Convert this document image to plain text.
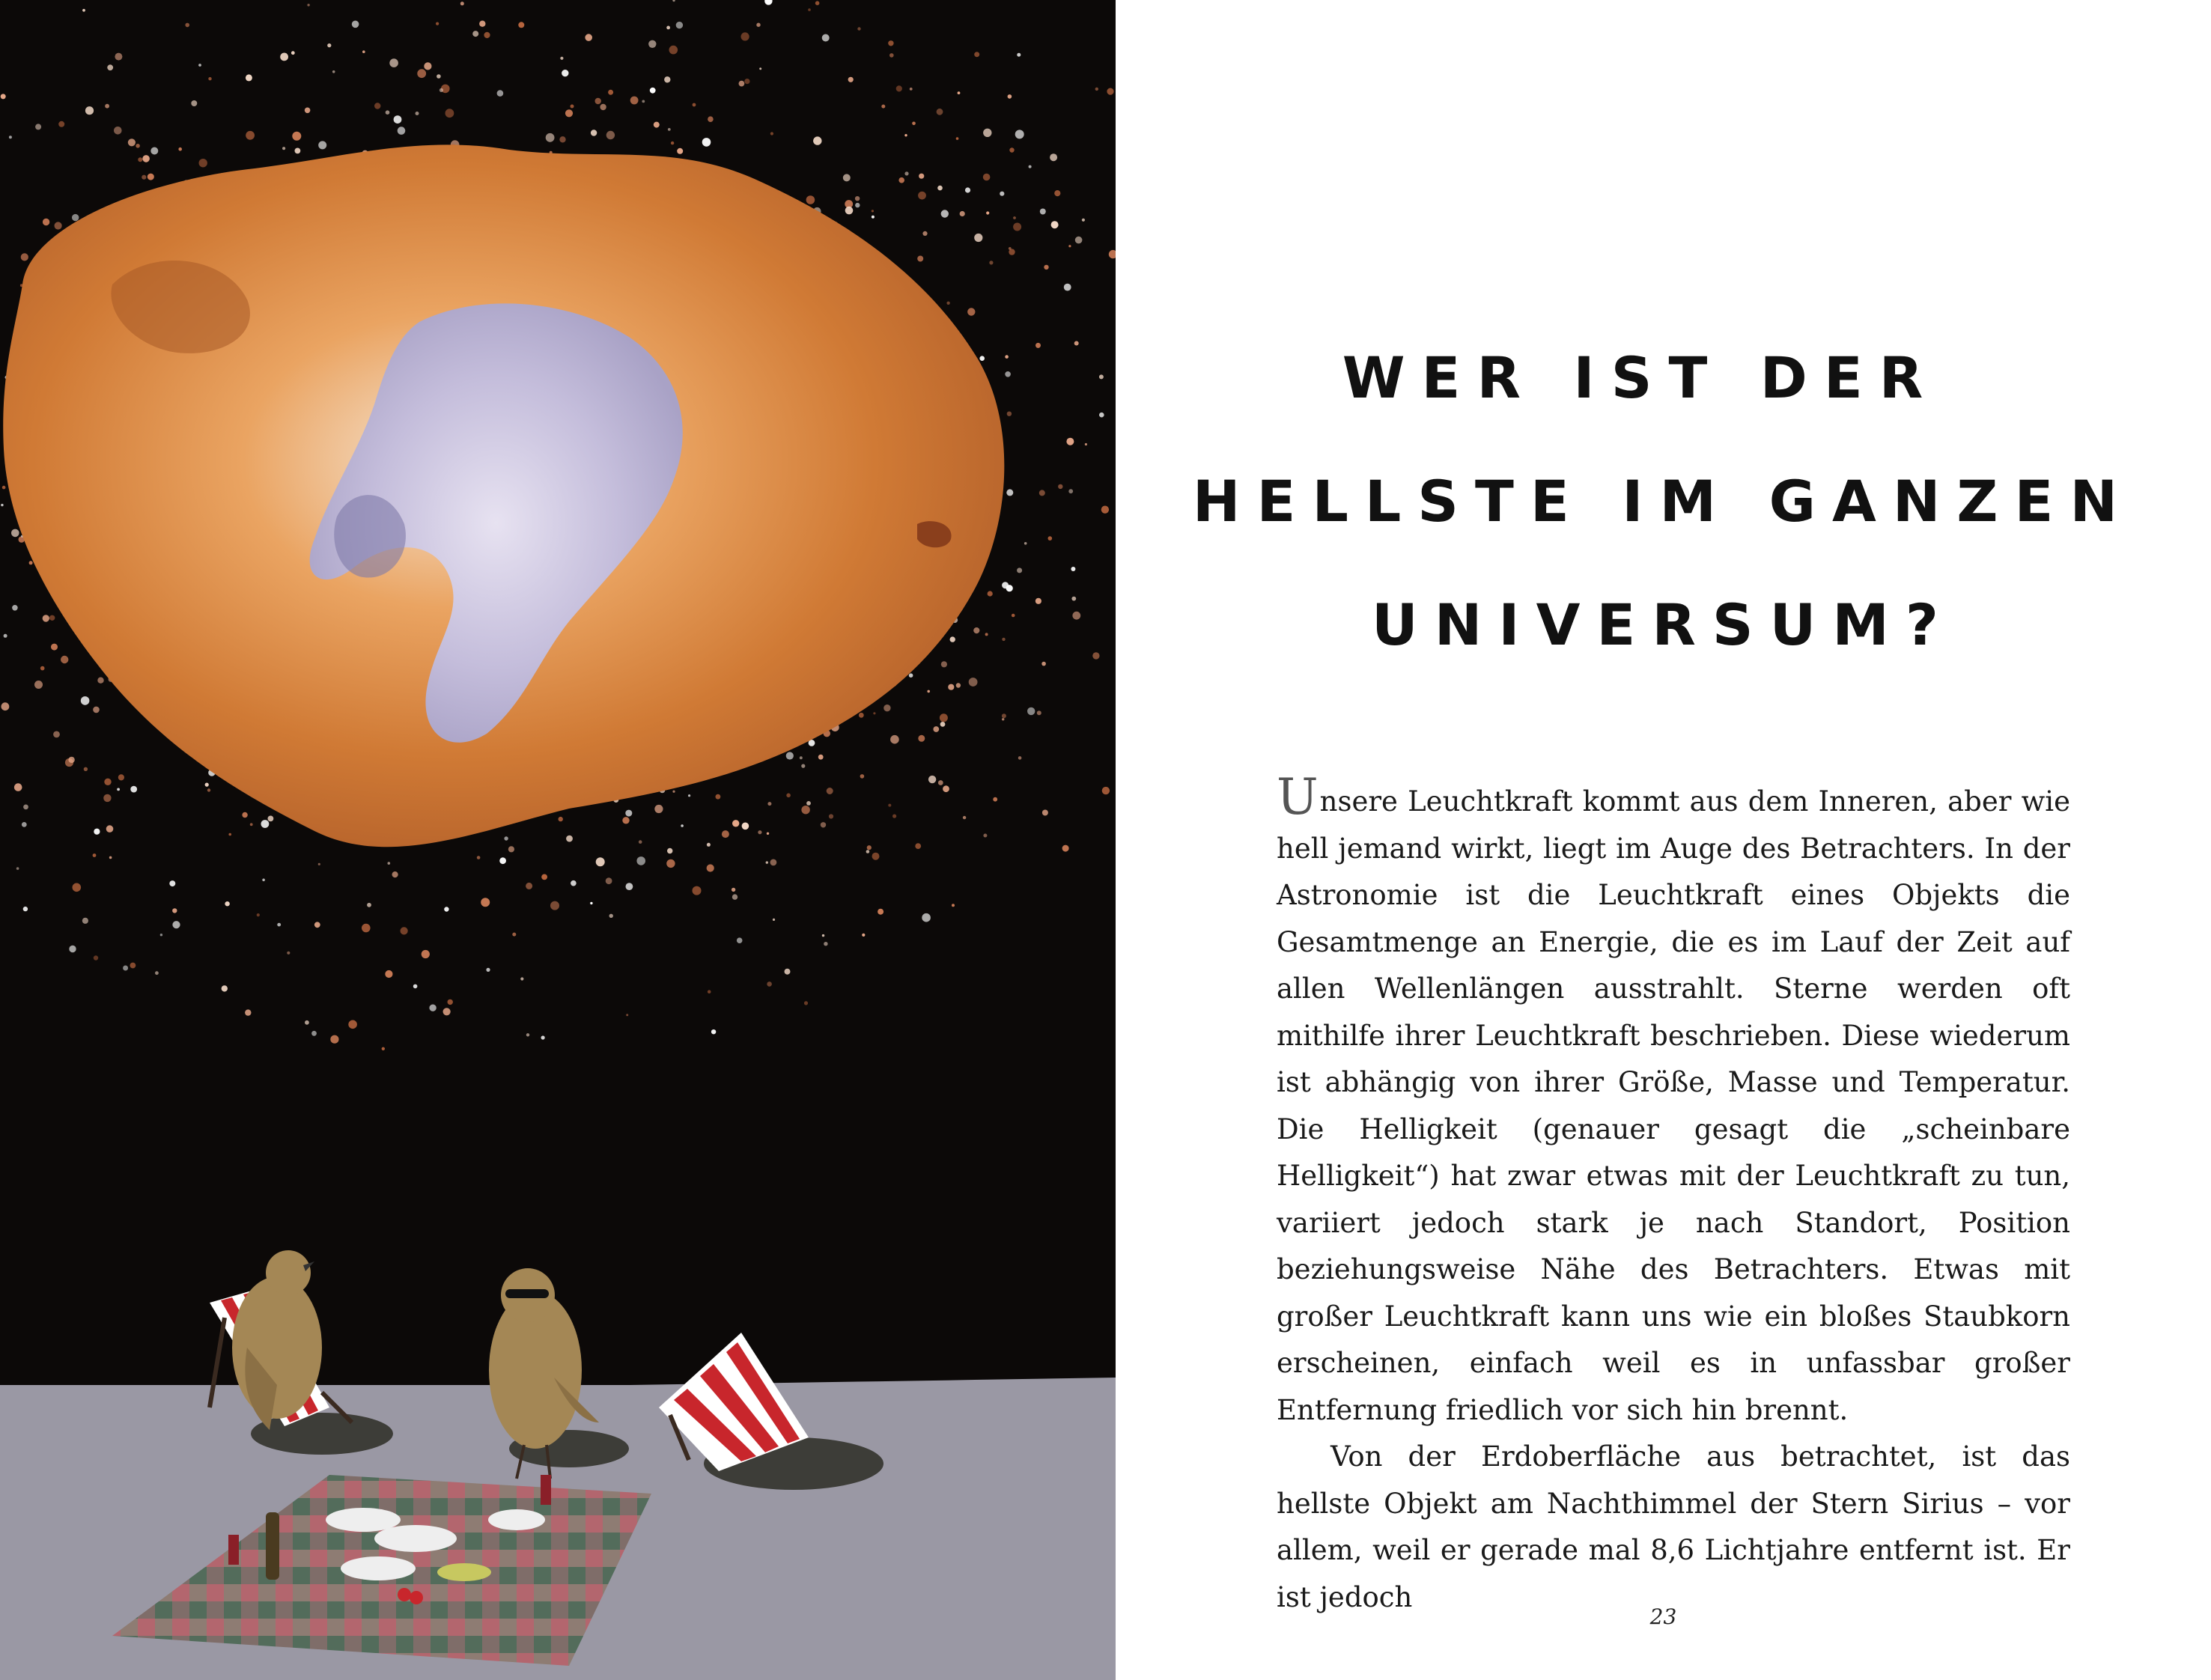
WER IST DER
HELLSTE IM GANZEN
UNIVERSUM?

Unsere Leuchtkraft kommt aus dem Inneren, aber wie hell jemand wirkt, liegt im Auge des Betrachters. In der Astronomie ist die Leuchtkraft eines Objekts die Gesamtmenge an Energie, die es im Lauf der Zeit auf allen Wellenlängen ausstrahlt. Sterne werden oft mithilfe ihrer Leuchtkraft beschrieben. Diese wiederum ist abhängig von ihrer Größe, Masse und Temperatur. Die Helligkeit (genauer gesagt die „scheinbare Helligkeit“) hat zwar etwas mit der Leuchtkraft zu tun, variiert jedoch stark je nach Standort, Position beziehungsweise Nähe des Betrachters. Etwas mit großer Leuchtkraft kann uns wie ein bloßes Staubkorn erscheinen, einfach weil es in unfassbar großer Entfernung friedlich vor sich hin brennt.

Von der Erdoberfläche aus betrachtet, ist das hellste Objekt am Nachthimmel der Stern Sirius – vor allem, weil er gerade mal 8,6 Lichtjahre entfernt ist. Er ist jedoch

23
